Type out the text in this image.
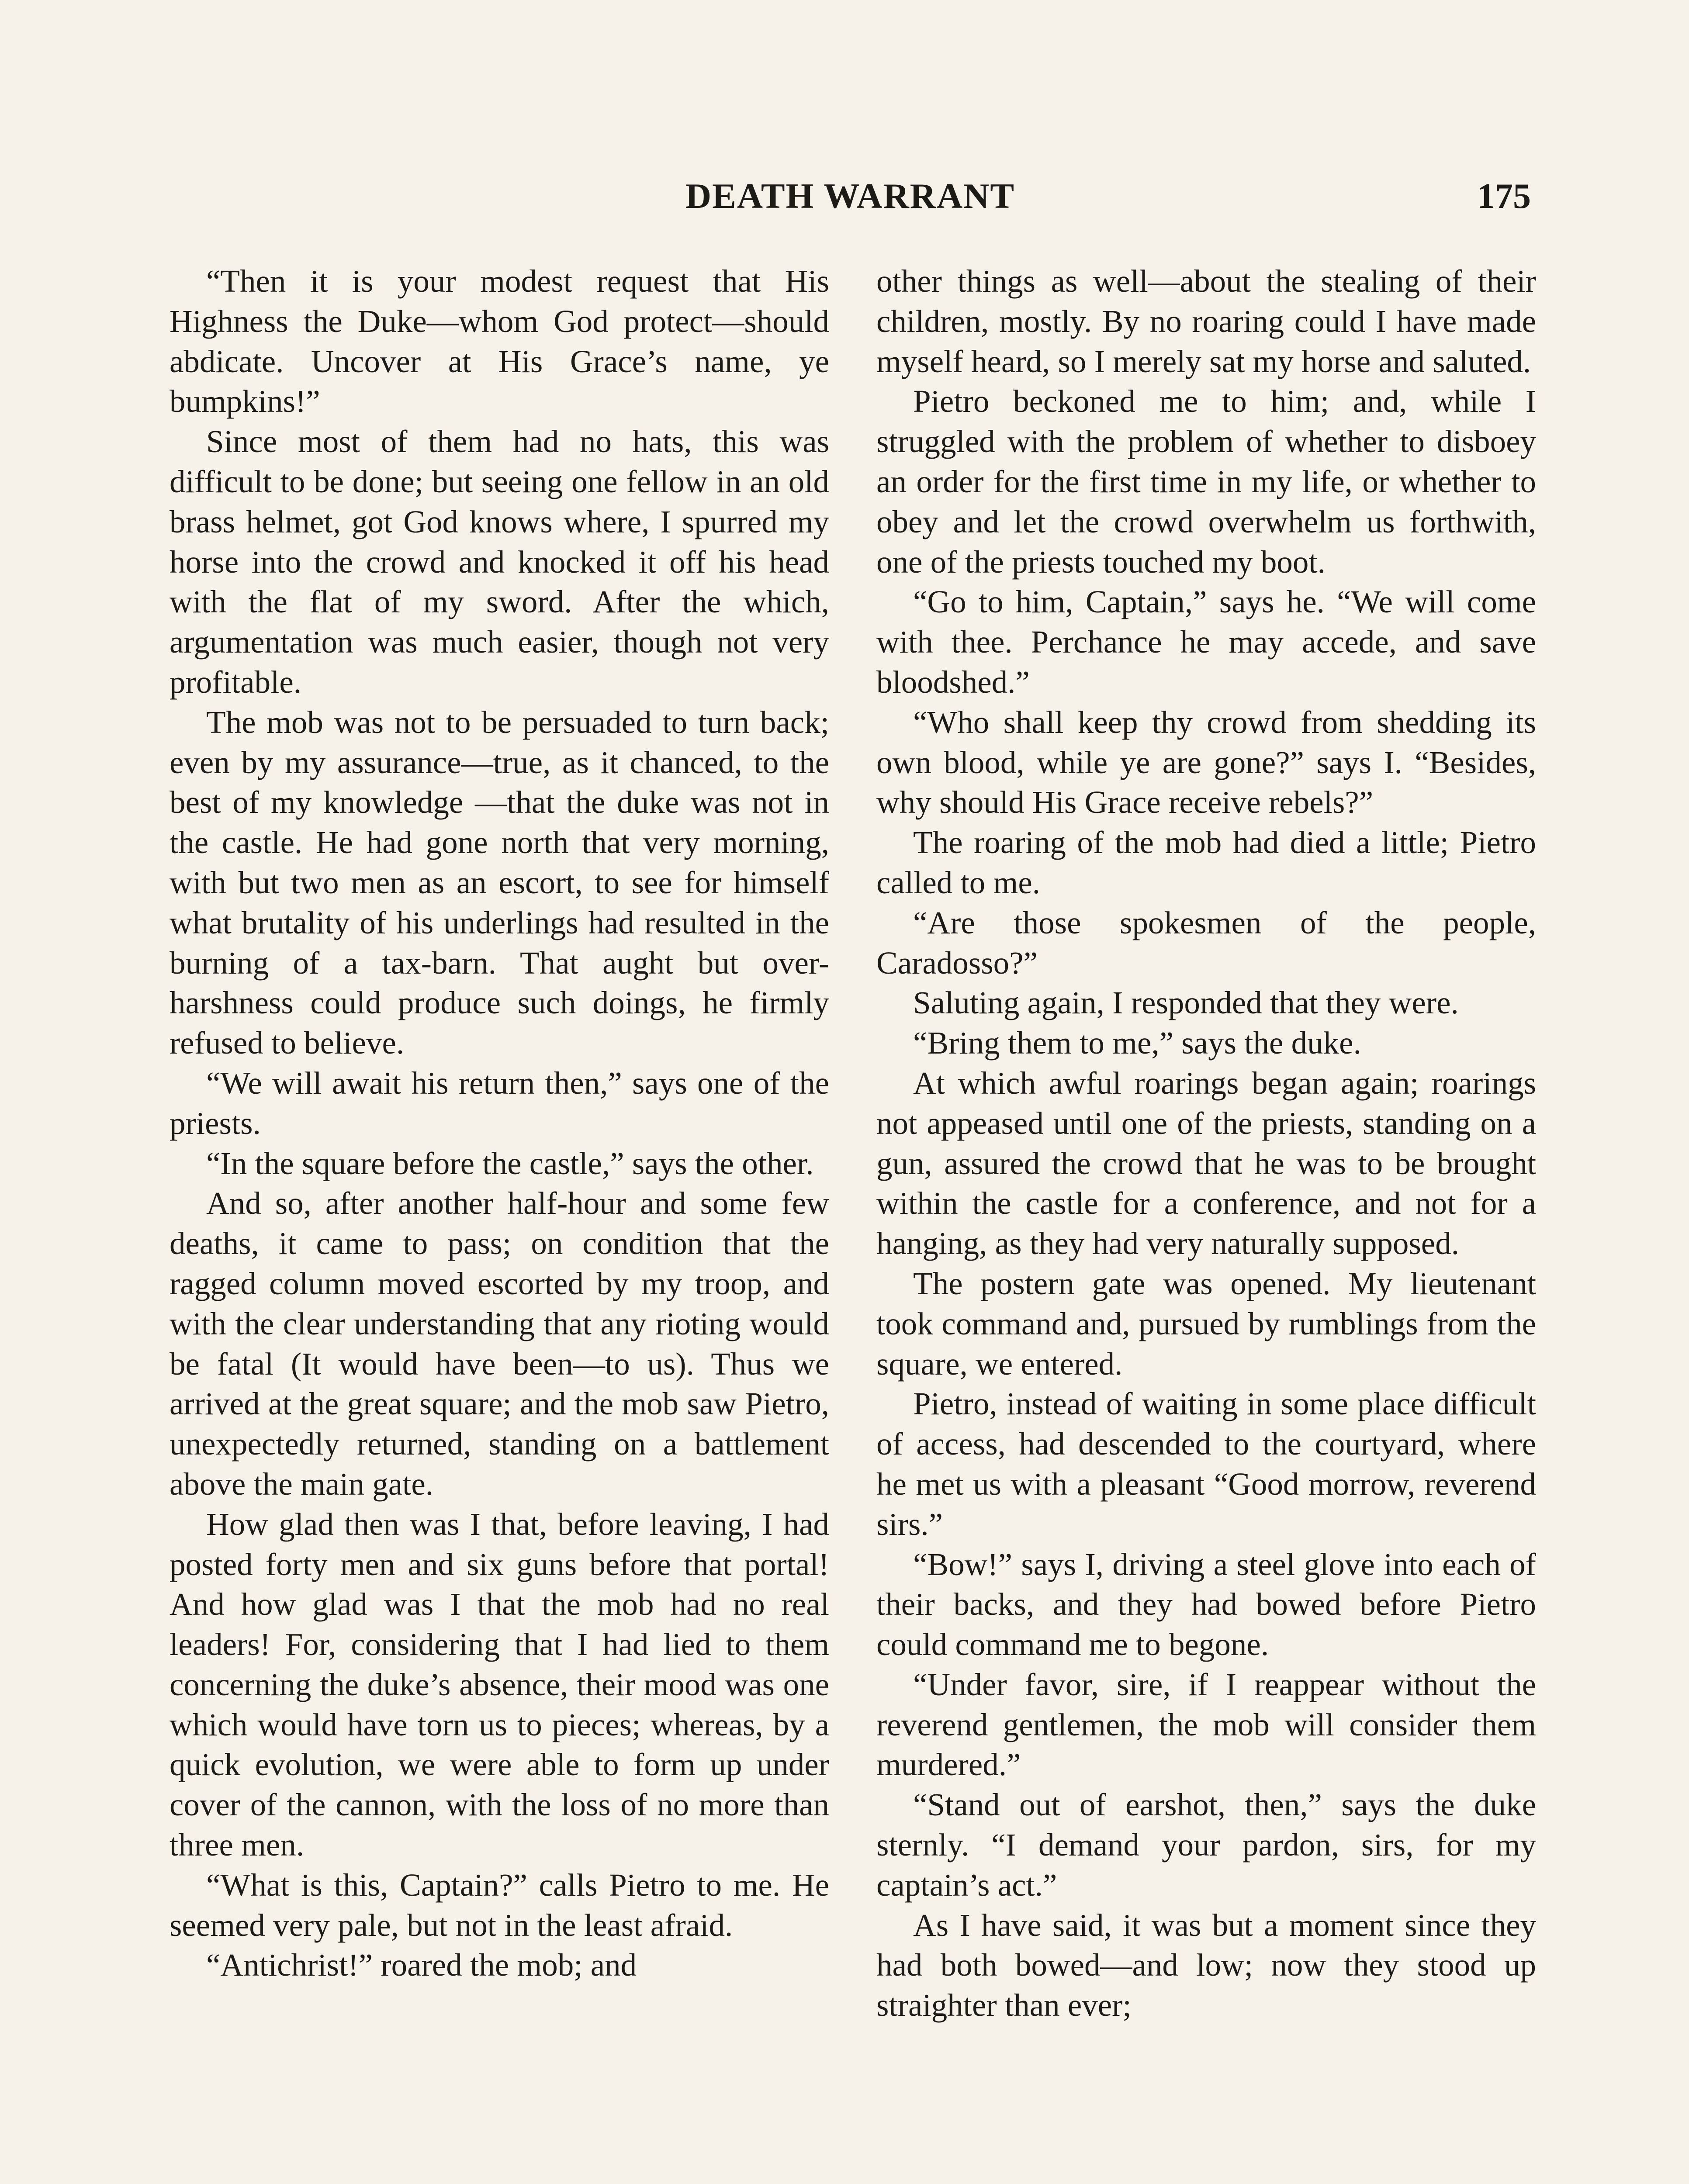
DEATH WARRANT	175

“Then it is your modest request that His Highness the Duke—whom God protect—should abdicate. Uncover at His Grace’s name, ye bumpkins!”

Since most of them had no hats, this was difficult to be done; but seeing one fellow in an old brass helmet, got God knows where, I spurred my horse into the crowd and knocked it off his head with the flat of my sword. After the which, argumentation was much easier, though not very profitable.

The mob was not to be persuaded to turn back; even by my assurance—true, as it chanced, to the best of my knowledge —that the duke was not in the castle. He had gone north that very morning, with but two men as an escort, to see for himself what brutality of his underlings had resulted in the burning of a tax-barn. That aught but over-harshness could produce such doings, he firmly refused to believe.

“We will await his return then,” says one of the priests.

“In the square before the castle,” says the other.

And so, after another half-hour and some few deaths, it came to pass; on condition that the ragged column moved escorted by my troop, and with the clear understanding that any rioting would be fatal (It would have been—to us). Thus we arrived at the great square; and the mob saw Pietro, unexpectedly returned, standing on a battlement above the main gate.

How glad then was I that, before leaving, I had posted forty men and six guns before that portal! And how glad was I that the mob had no real leaders! For, considering that I had lied to them concerning the duke’s absence, their mood was one which would have torn us to pieces; whereas, by a quick evolution, we were able to form up under cover of the cannon, with the loss of no more than three men.

“What is this, Captain?” calls Pietro to me. He seemed very pale, but not in the least afraid.

“Antichrist!” roared the mob; and

other things as well—about the stealing of their children, mostly. By no roaring could I have made myself heard, so I merely sat my horse and saluted.

Pietro beckoned me to him; and, while I struggled with the problem of whether to disboey an order for the first time in my life, or whether to obey and let the crowd overwhelm us forthwith, one of the priests touched my boot.

“Go to him, Captain,” says he. “We will come with thee. Perchance he may accede, and save bloodshed.”

“Who shall keep thy crowd from shedding its own blood, while ye are gone?” says I. “Besides, why should His Grace receive rebels?”

The roaring of the mob had died a little; Pietro called to me.

“Are those spokesmen of the people, Caradosso?”

Saluting again, I responded that they were.

“Bring them to me,” says the duke.

At which awful roarings began again; roarings not appeased until one of the priests, standing on a gun, assured the crowd that he was to be brought within the castle for a conference, and not for a hanging, as they had very naturally supposed.

The postern gate was opened. My lieutenant took command and, pursued by rumblings from the square, we entered.

Pietro, instead of waiting in some place difficult of access, had descended to the courtyard, where he met us with a pleasant “Good morrow, reverend sirs.”

“Bow!” says I, driving a steel glove into each of their backs, and they had bowed before Pietro could command me to begone.

“Under favor, sire, if I reappear without the reverend gentlemen, the mob will consider them murdered.”

“Stand out of earshot, then,” says the duke sternly. “I demand your pardon, sirs, for my captain’s act.”

As I have said, it was but a moment since they had both bowed—and low; now they stood up straighter than ever;
